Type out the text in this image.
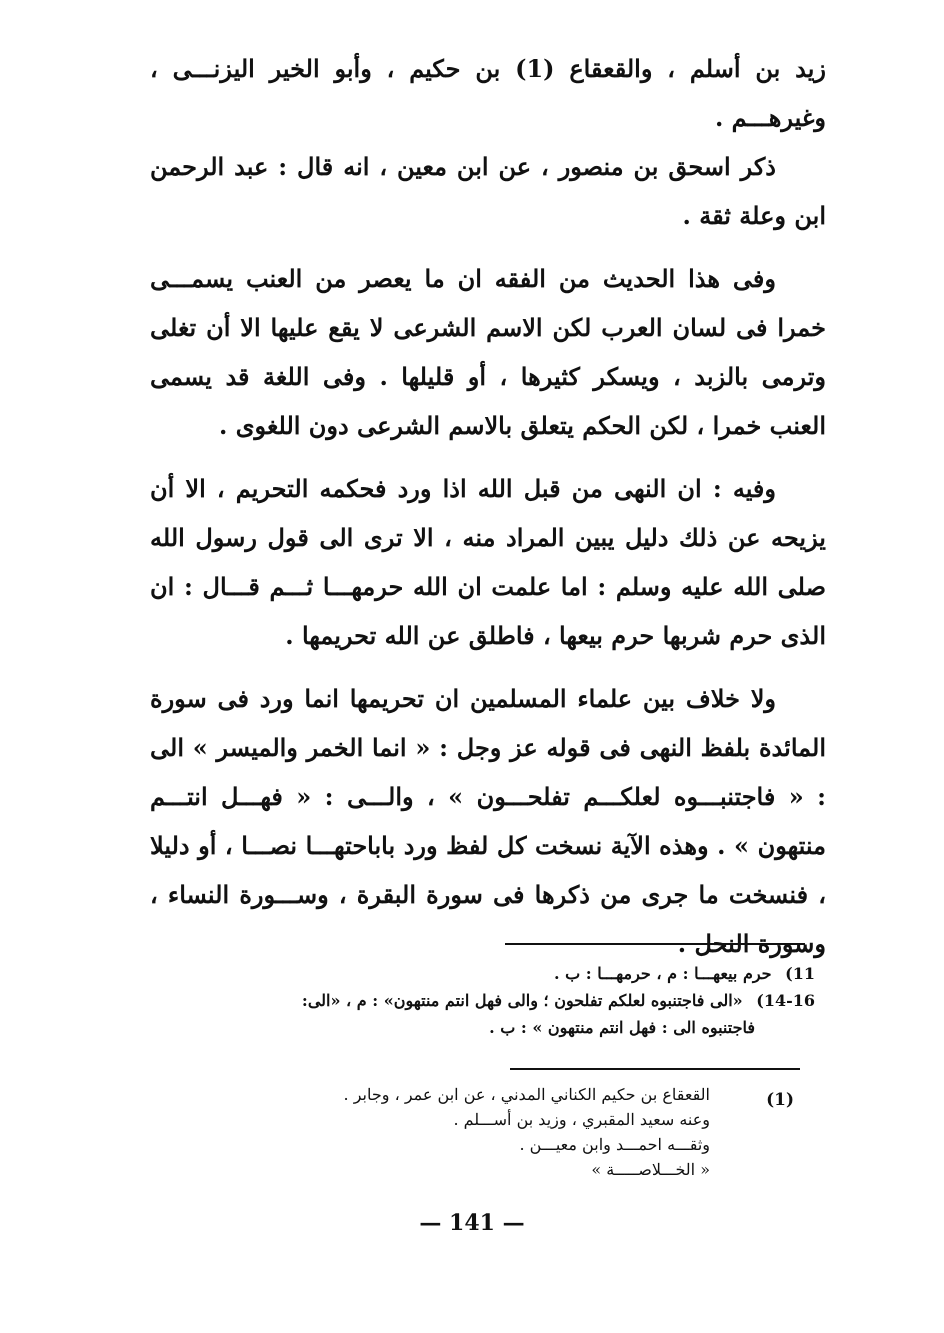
زيد بن أسلم ، والقعقاع (1) بن حكيم ، وأبو الخير اليزنـــى ، وغيرهـــم .

ذكر اسحق بن منصور ، عن ابن معين ، انه قال : عبد الرحمن ابن وعلة ثقة .

وفى هذا الحديث من الفقه ان ما يعصر من العنب يسمـــى خمرا فى لسان العرب لكن الاسم الشرعى لا يقع عليها الا أن تغلى وترمى بالزبد ، ويسكر كثيرها ، أو قليلها . وفى اللغة قد يسمى العنب خمرا ، لكن الحكم يتعلق بالاسم الشرعى دون اللغوى .

وفيه : ان النهى من قبل الله اذا ورد فحكمه التحريم ، الا أن يزيحه عن ذلك دليل يبين المراد منه ، الا ترى الى قول رسول الله صلى الله عليه وسلم : اما علمت ان الله حرمهـــا ثـــم قـــال : ان الذى حرم شربها حرم بيعها ، فاطلق عن الله تحريمها .

ولا خلاف بين علماء المسلمين ان تحريمها انما ورد فى سورة المائدة بلفظ النهى فى قوله عز وجل : « انما الخمر والميسر » الى : « فاجتنبـــوه لعلكـــم تفلحـــون » ، والـــى : « فهـــل انتـــم منتهون » . وهذه الآية نسخت كل لفظ ورد باباحتهـــا نصـــا ، أو دليلا ، فنسخت ما جرى من ذكرها فى سورة البقرة ، وســـورة النساء ، وسورة النحل .

11) حرم بيعهـــا : م ، حرمهـــا : ب .

14-16) «الى فاجتنبوه لعلكم تفلحون ؛ والى فهل انتم منتهون» : م ، «الى:

فاجتنبوه الى : فهل انتم منتهون » : ب .

(1)

القعقاع بن حكيم الكناني المدني ، عن ابن عمر ، وجابر .

وعنه سعيد المقبري ، وزيد بن أســـلم .

وثقـــه احمـــد وابن معيـــن .

« الخـــلاصـــــة »

— 141 —
